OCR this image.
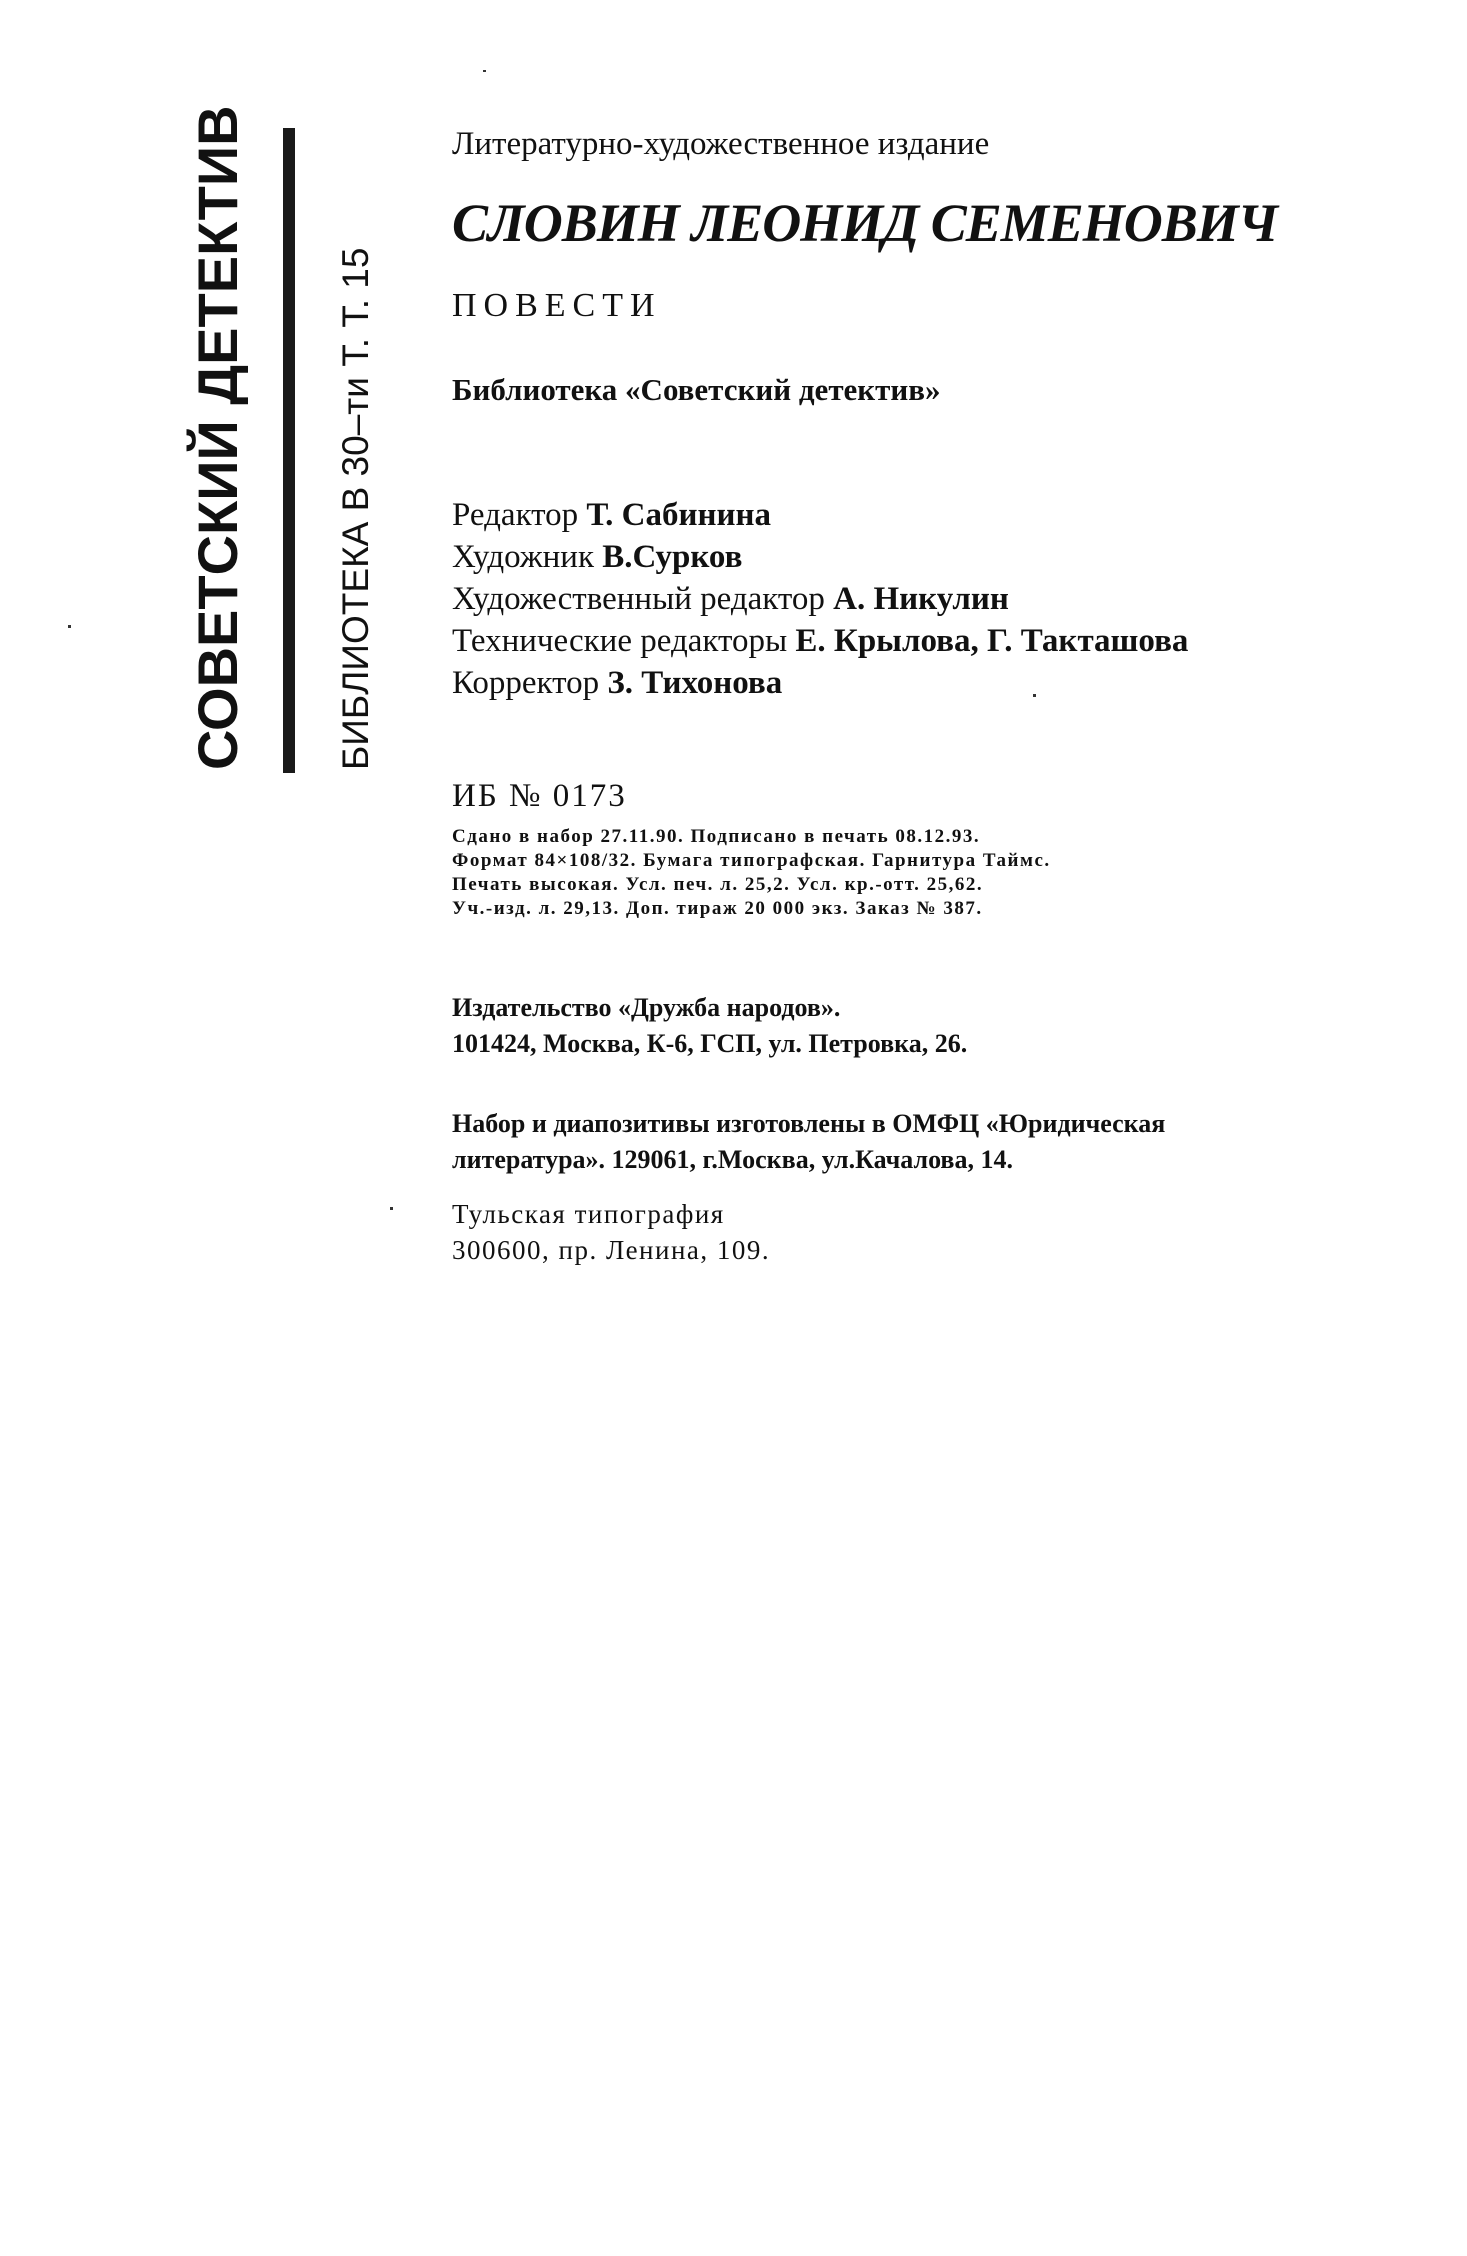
СОВЕТСКИЙ ДЕТЕКТИВ БИБЛИОТЕКА В 30–ти Т. Т. 15
Литературно-художественное издание
СЛОВИН ЛЕОНИД СЕМЕНОВИЧ
ПОВЕСТИ
Библиотека «Советский детектив»
Редактор Т. Сабинина
Художник В.Сурков
Художественный редактор А. Никулин
Технические редакторы Е. Крылова, Г. Такташова
Корректор З. Тихонова
ИБ № 0173
Сдано в набор 27.11.90. Подписано в печать 08.12.93.
Формат 84×108/32. Бумага типографская. Гарнитура Таймс.
Печать высокая. Усл. печ. л. 25,2. Усл. кр.-отт. 25,62.
Уч.-изд. л. 29,13. Доп. тираж 20 000 экз. Заказ № 387.
Издательство «Дружба народов».
101424, Москва, К-6, ГСП, ул. Петровка, 26.
Набор и диапозитивы изготовлены в ОМФЦ «Юридическая
литература». 129061, г.Москва, ул.Качалова, 14.
Тульская типография
300600, пр. Ленина, 109.
